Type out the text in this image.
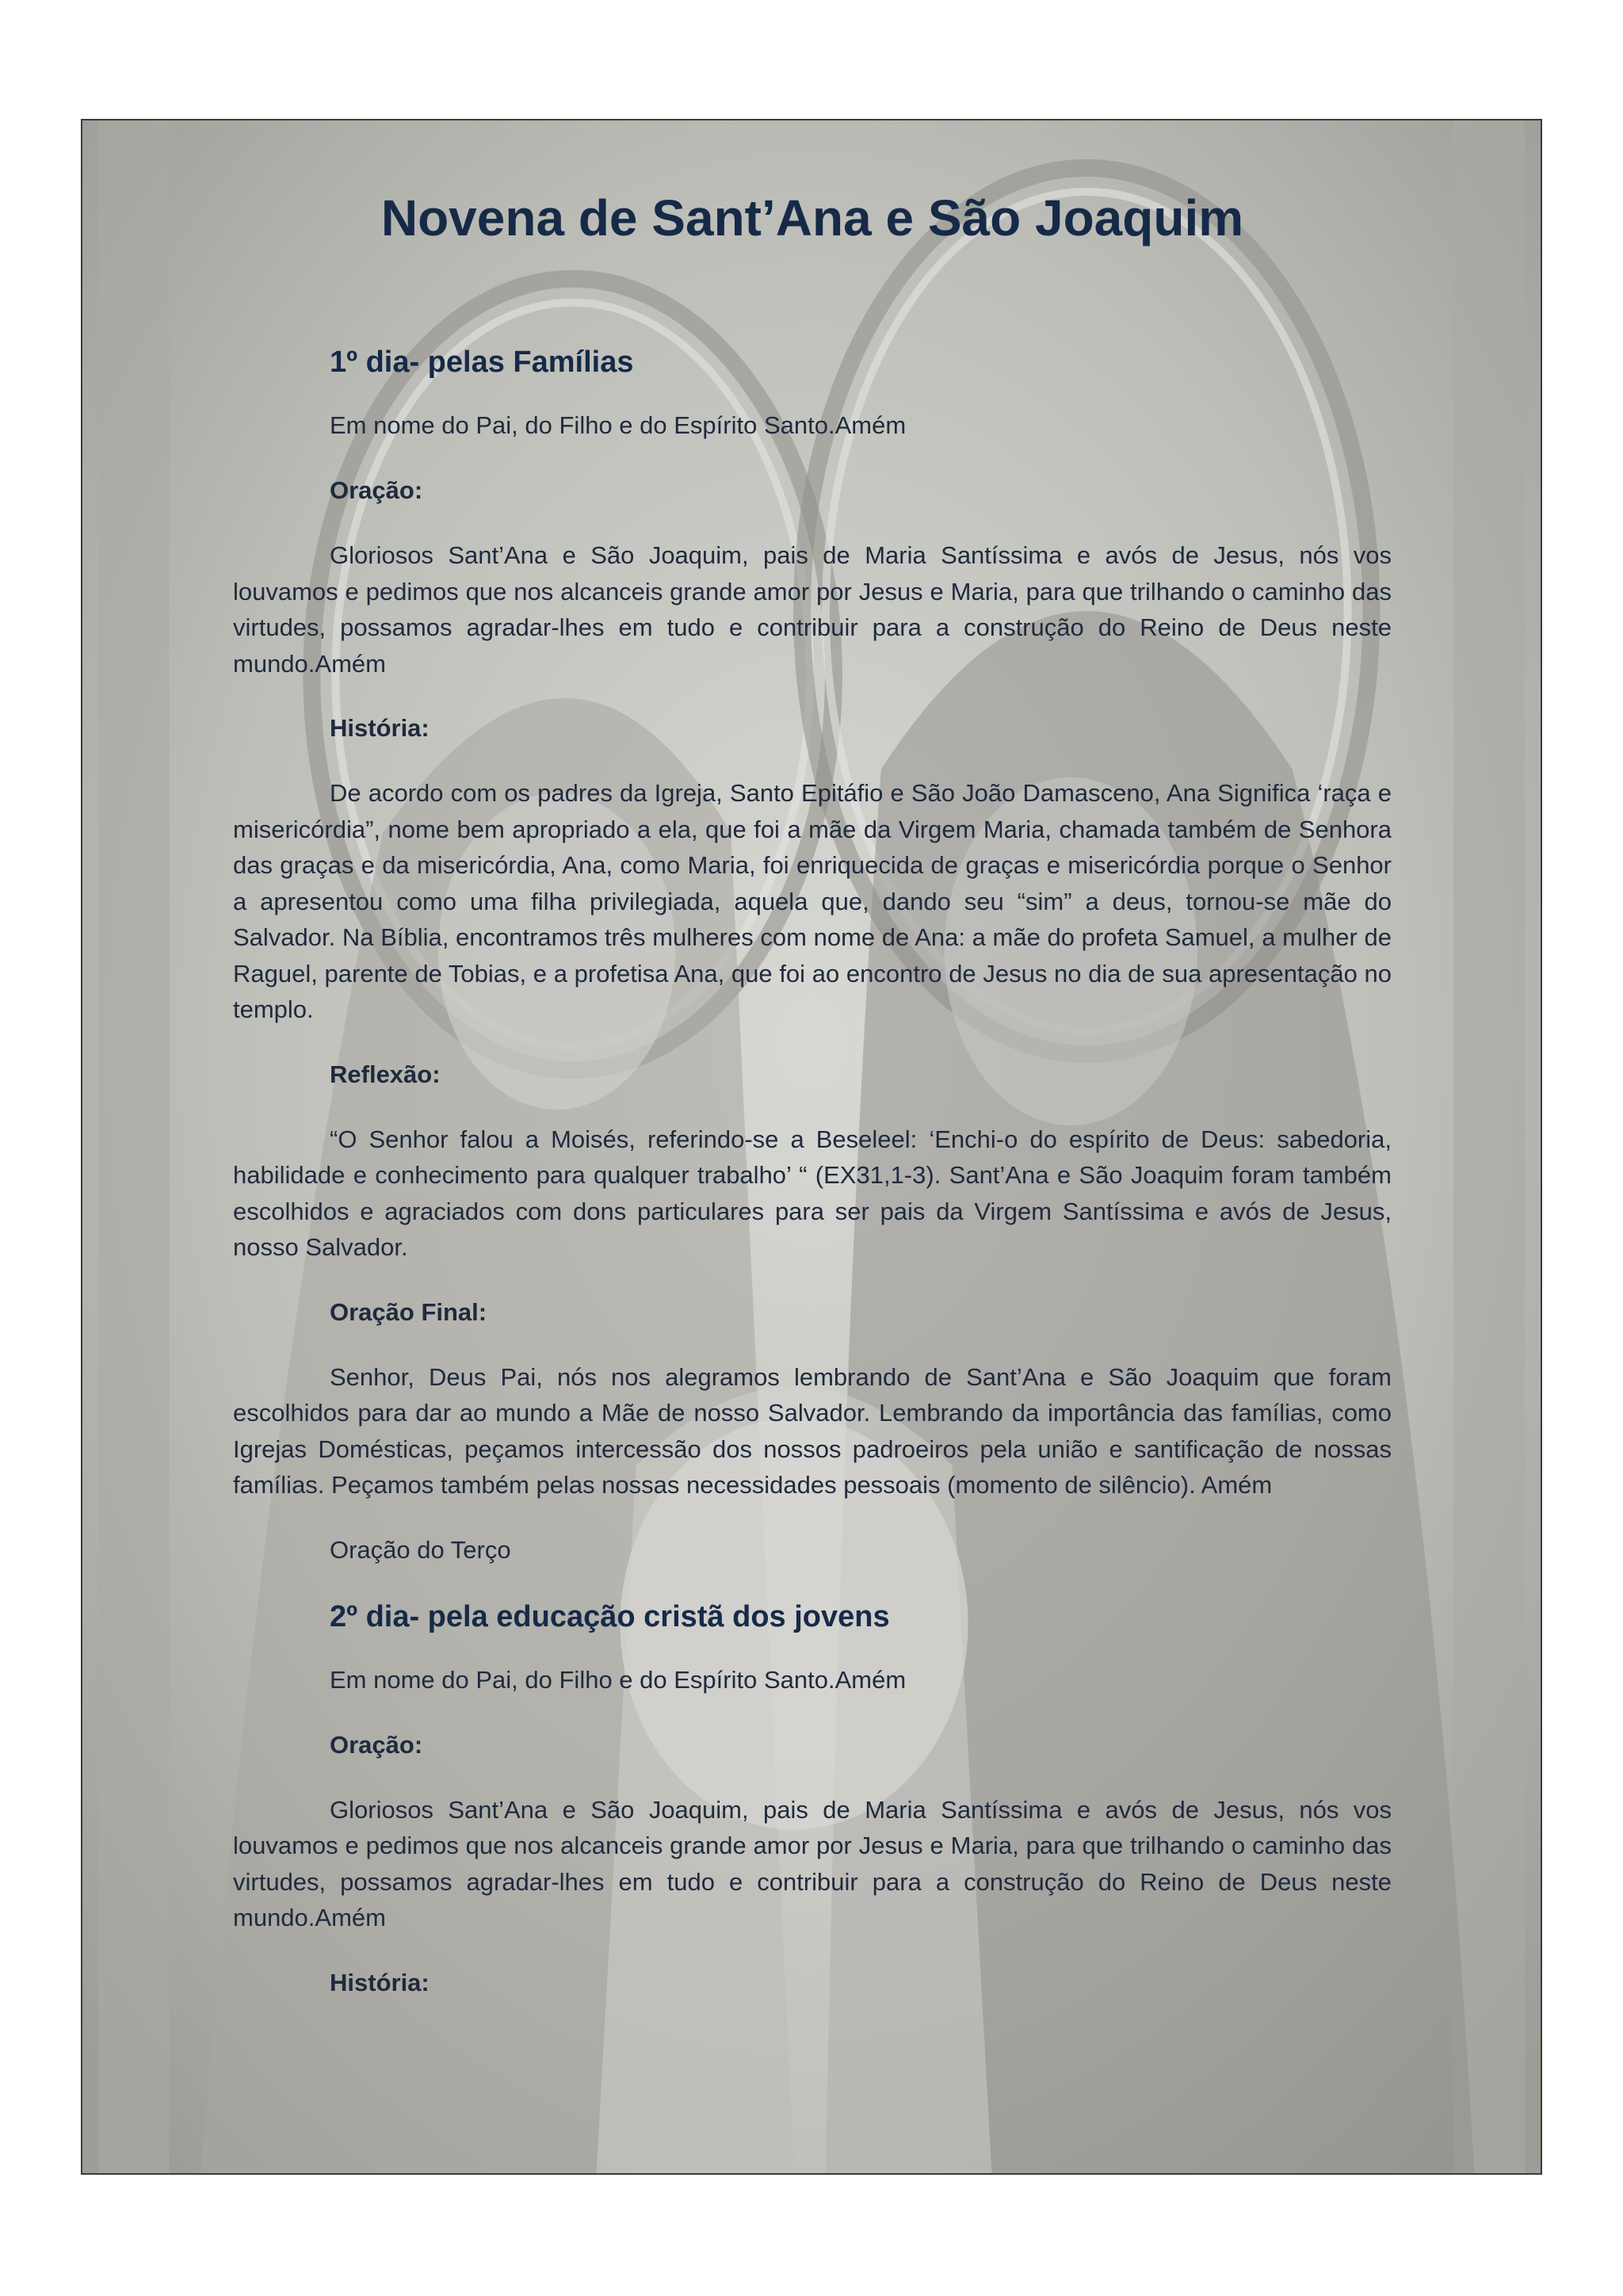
Novena de Sant’Ana e São Joaquim
1º dia- pelas Famílias

Em nome do Pai, do Filho e do Espírito Santo.Amém

Oração:

Gloriosos Sant’Ana e São Joaquim, pais de Maria Santíssima e avós de Jesus, nós vos louvamos e pedimos que nos alcanceis grande amor por Jesus e Maria, para que trilhando o caminho das virtudes, possamos agradar-lhes em tudo e contribuir para a construção do Reino de Deus neste mundo.Amém

História:

De acordo com os padres da Igreja, Santo Epitáfio e São João Damasceno, Ana Significa ‘raça e misericórdia”, nome bem apropriado a ela, que foi a mãe da Virgem Maria, chamada também de Senhora das graças e da misericórdia, Ana, como Maria, foi enriquecida de graças e misericórdia porque o Senhor a apresentou como uma filha privilegiada, aquela que, dando seu “sim” a deus, tornou-se mãe do Salvador. Na Bíblia, encontramos três mulheres com nome de Ana: a mãe do profeta Samuel, a mulher de Raguel, parente de Tobias, e a profetisa Ana, que foi ao encontro de Jesus no dia de sua apresentação no templo.

Reflexão:

“O Senhor falou a Moisés, referindo-se a Beseleel: ‘Enchi-o do espírito de Deus: sabedoria, habilidade e conhecimento para qualquer trabalho’ “ (EX31,1-3). Sant’Ana e São Joaquim foram também escolhidos e agraciados com dons particulares para ser pais da Virgem Santíssima e avós de Jesus, nosso Salvador.

Oração Final:

Senhor, Deus Pai, nós nos alegramos lembrando de Sant’Ana e São Joaquim que foram escolhidos para dar ao mundo a Mãe de nosso Salvador. Lembrando da importância das famílias, como Igrejas Domésticas, peçamos intercessão dos nossos padroeiros pela união e santificação de nossas famílias. Peçamos também pelas nossas necessidades pessoais (momento de silêncio). Amém

Oração do Terço

2º dia- pela educação cristã dos jovens

Em nome do Pai, do Filho e do Espírito Santo.Amém

Oração:

Gloriosos Sant’Ana e São Joaquim, pais de Maria Santíssima e avós de Jesus, nós vos louvamos e pedimos que nos alcanceis grande amor por Jesus e Maria, para que trilhando o caminho das virtudes, possamos agradar-lhes em tudo e contribuir para a construção do Reino de Deus neste mundo.Amém

História:
